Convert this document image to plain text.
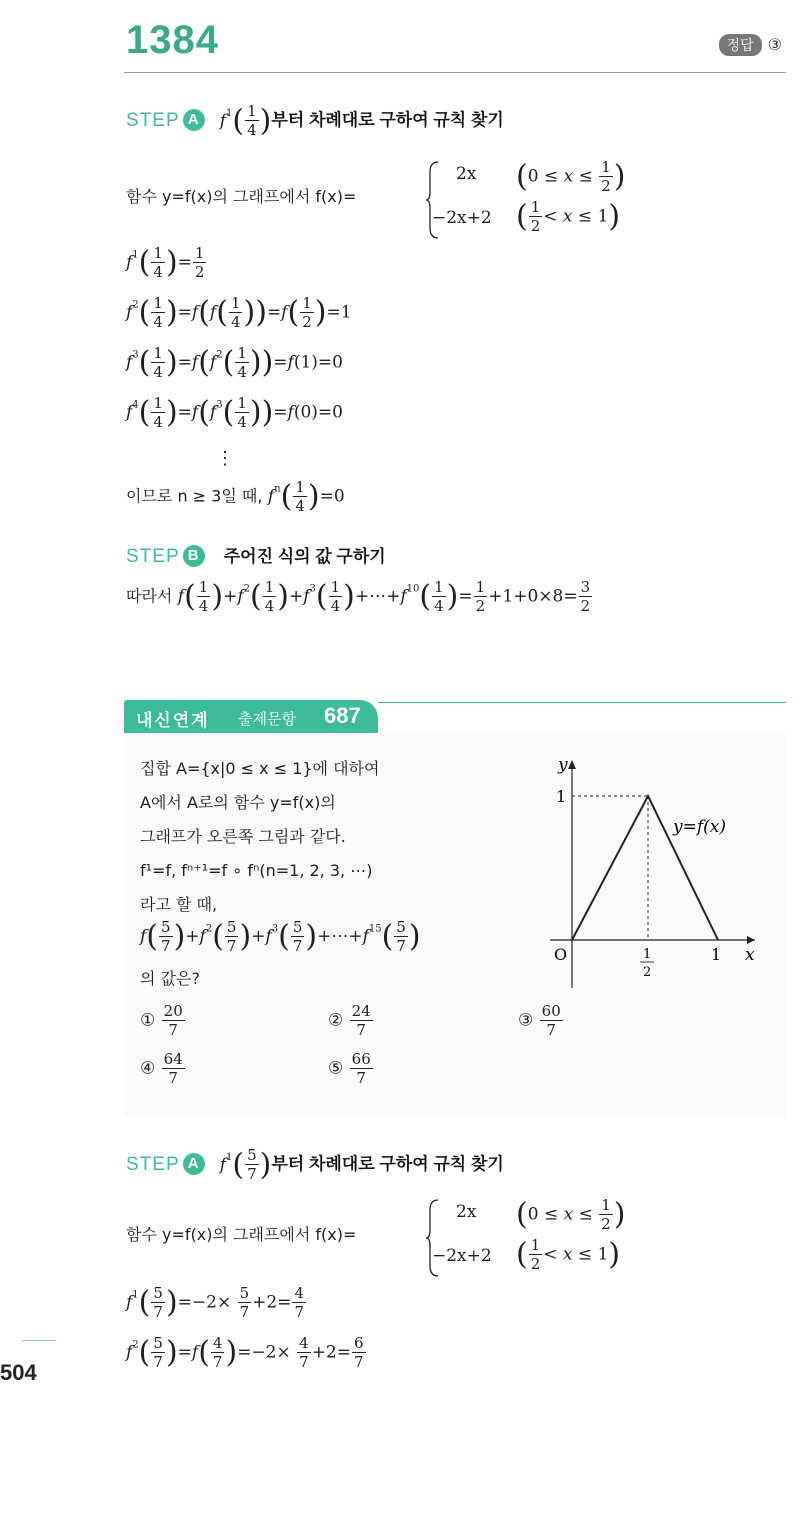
1384	정답 ③
STEP A $f^1( \frac{1}{4}$ )부터 차례대로 구하여 규칙 찾기
함수 y=f(x)의 그래프에서 f(x)=
2x ($0 \le x \le \frac{1}{2}$ )
−2x+2 ( $\frac{1}{2} < x \le 1$)
$f^1( \frac{1}{4}$ )= $\frac{1}{2}$
$f^2( \frac{1}{4} )=f(f( \frac{1}{4} ))=f( \frac{1}{2} )=1$
$f^3( \frac{1}{4} )=f(f^2( \frac{1}{4} ))=f(1)=0$
$f^4( \frac{1}{4} )=f(f^3( \frac{1}{4} ))=f(0)=0$
⋮
이므로 n ≥ 3일 때, $f^n( \frac{1}{4} )=0$
STEP B 주어진 식의 값 구하기
따라서 $f( \frac{1}{4} )+f^2( \frac{1}{4} )+f^3( \frac{1}{4}$ )$+\cdots+f^{10}( \frac{1}{4}$ )= $\frac{1}{2} +1+0\times 8= \frac{3}{2}$
내신연계 출제문항 687
집합 A={x|0 ≤ x ≤ 1}에 대하여
A에서 A로의 함수 y=f(x)의
그래프가 오른쪽 그림과 같다.
f¹=f, fⁿ⁺¹=f ∘ fⁿ(n=1, 2, 3, ⋯)
라고 할 때,
$f( \frac{5}{7} )+f^2( \frac{5}{7} )+f^3( \frac{5}{7}$ )$+\cdots+f^{15}( \frac{5}{7}$ )
의 값은?
① $\frac{20}{7}$	② $\frac{24}{7}$	③ $\frac{60}{7}$
④ $\frac{64}{7}$	⑤ $\frac{66}{7}$
y
x
O
1
1
1
2
y=f(x)
STEP A $f^1( \frac{5}{7}$ )부터 차례대로 구하여 규칙 찾기
함수 y=f(x)의 그래프에서 f(x)=
2x ($0 \le x \le \frac{1}{2}$ )
−2x+2 ( $\frac{1}{2} < x \le 1$)
$f^1( \frac{5}{7} )=-2\times \frac{5}{7} +2= \frac{4}{7}$
$f^2( \frac{5}{7} )=f( \frac{4}{7} )=-2\times \frac{4}{7} +2= \frac{6}{7}$
504
